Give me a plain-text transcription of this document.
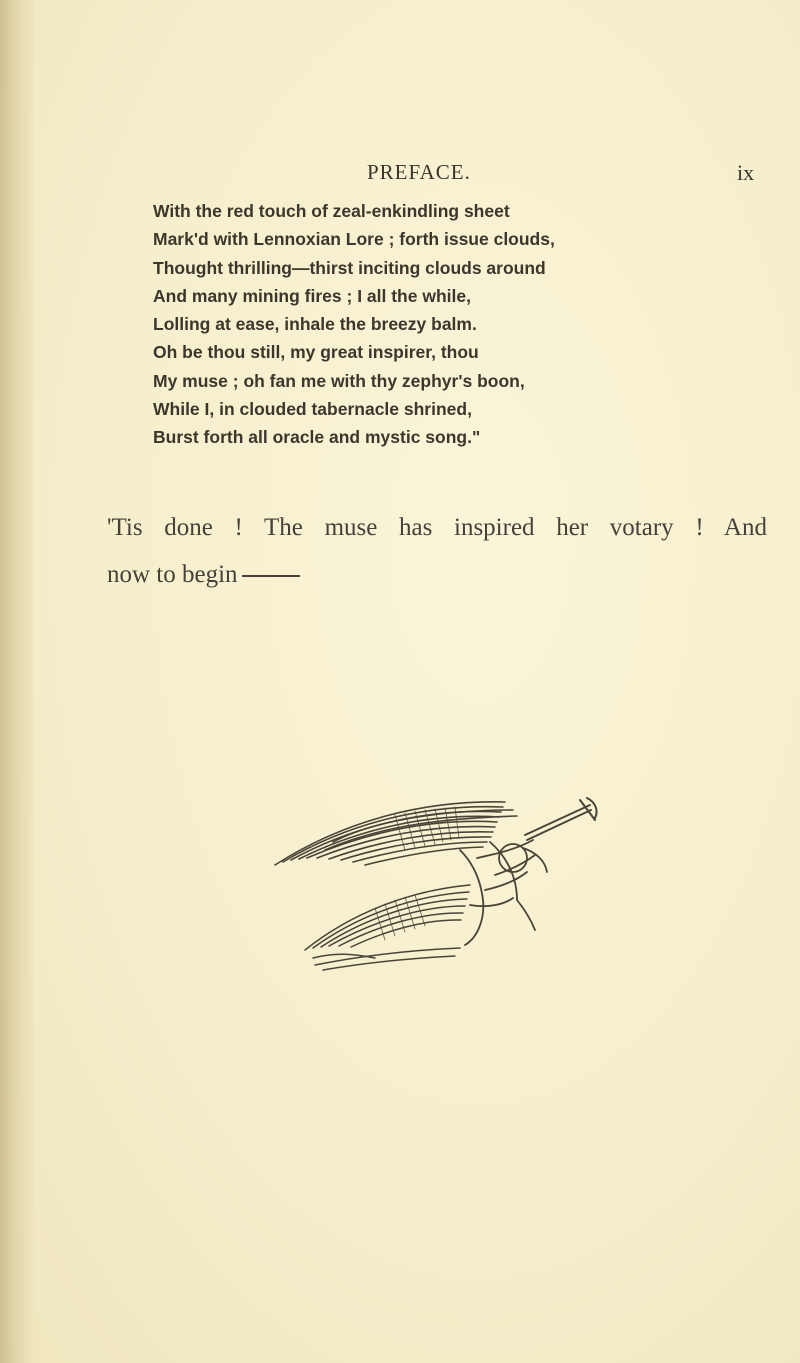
PREFACE.	ix
With the red touch of zeal-enkindling sheet
Mark'd with Lennoxian Lore ; forth issue clouds,
Thought thrilling—thirst inciting clouds around
And many mining fires ; I all the while,
Lolling at ease, inhale the breezy balm.
Oh be thou still, my great inspirer, thou
My muse ; oh fan me with thy zephyr's boon,
While I, in clouded tabernacle shrined,
Burst forth all oracle and mystic song."
'Tis done ! The muse has inspired her votary ! And
now to begin
